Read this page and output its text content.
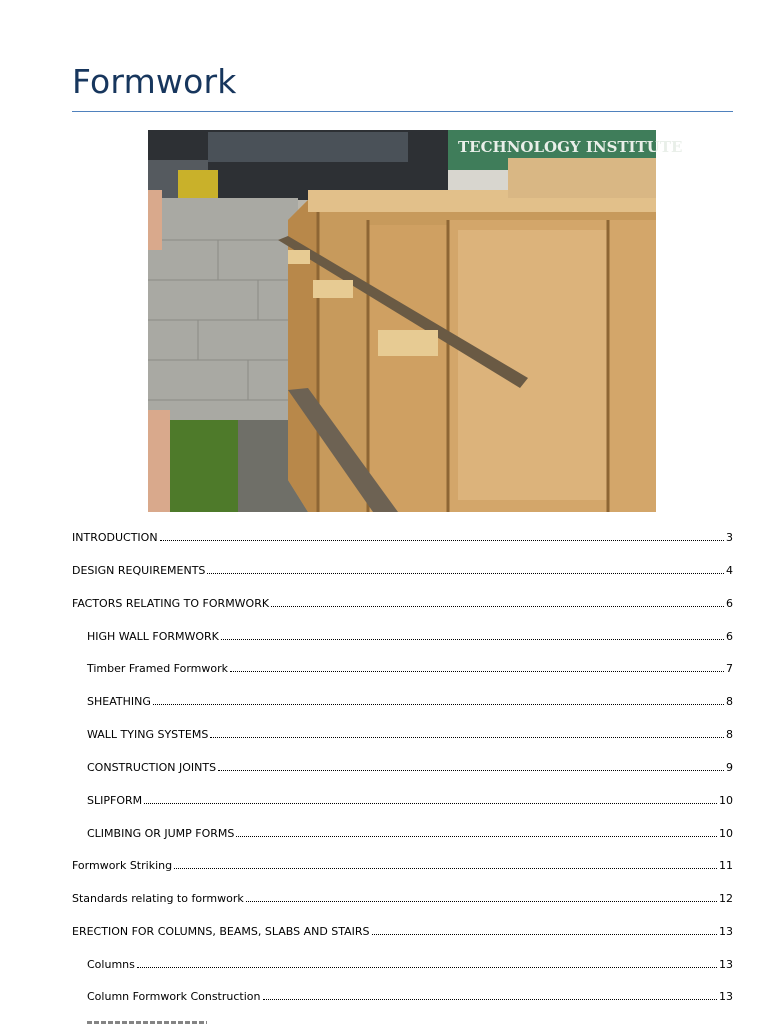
Formwork
TECHNOLOGY INSTITUTE
INTRODUCTION	3
DESIGN REQUIREMENTS	4
FACTORS RELATING TO FORMWORK	6
HIGH WALL FORMWORK	6
Timber Framed Formwork	7
SHEATHING	8
WALL TYING SYSTEMS	8
CONSTRUCTION JOINTS	9
SLIPFORM	10
CLIMBING OR JUMP FORMS	10
Formwork Striking	11
Standards relating to formwork	12
ERECTION FOR COLUMNS, BEAMS, SLABS AND STAIRS	13
Columns	13
Column Formwork Construction	13
